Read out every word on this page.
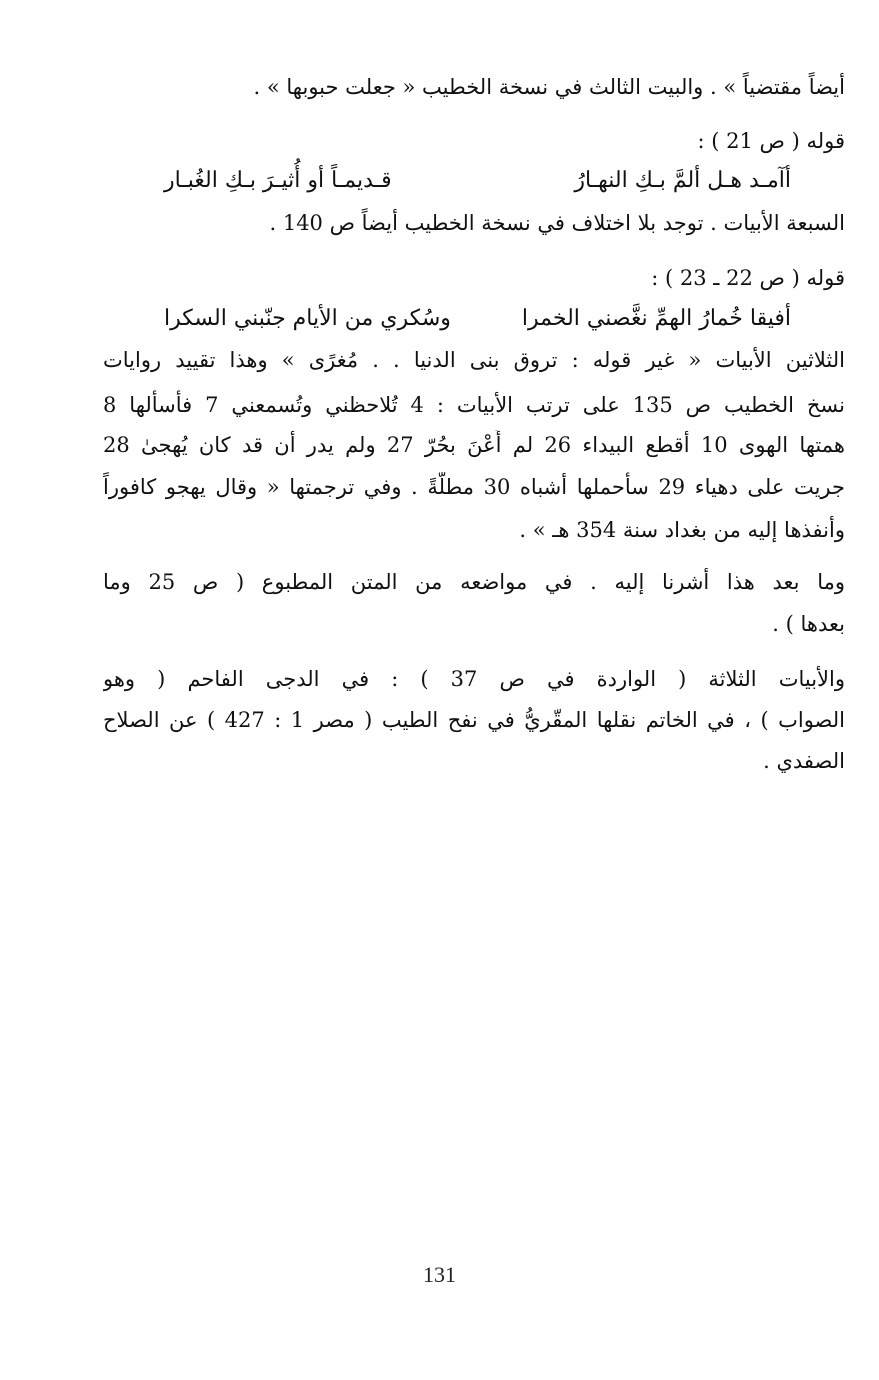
أيضاً مقتضياً » . والبيت الثالث في نسخة الخطيب « جعلت حبوبها » .
قوله ( ص 21 ) :
أآمـد هـل ألمَّ بـكِ النهـارُ
قـديمـاً أو أُثيـرَ بـكِ الغُبـار
السبعة الأبيات . توجد بلا اختلاف في نسخة الخطيب أيضاً ص 140 .
قوله ( ص 22 ـ 23 ) :
أفيقا خُمارُ الهمِّ نغَّصني الخمرا
وسُكري من الأيام جنّبني السكرا
الثلاثين الأبيات « غير قوله : تروق بنى الدنيا . . مُغرًى » وهذا تقييد روايات
نسخ الخطيب ص 135 على ترتب الأبيات : 4 تُلاحظني وتُسمعني 7 فأسألها 8
همتها الهوى 10 أقطع البيداء 26 لم أَعْنَ بحُرّ 27 ولم يدر أن قد كان يُهجىٰ 28
جريت على دهياء 29 سأحملها أشباه 30 مطلّةً . وفي ترجمتها « وقال يهجو كافوراً
وأنفذها إليه من بغداد سنة 354 هـ » .
وما بعد هذا أشرنا إليه . في مواضعه من المتن المطبوع ( ص 25 وما
بعدها ) .
والأبيات الثلاثة ( الواردة في ص 37 ) : في الدجى الفاحم ( وهو
الصواب ) ، في الخاتم نقلها المقّريُّ في نفح الطيب ( مصر 1 : 427 ) عن الصلاح
الصفدي .
131
